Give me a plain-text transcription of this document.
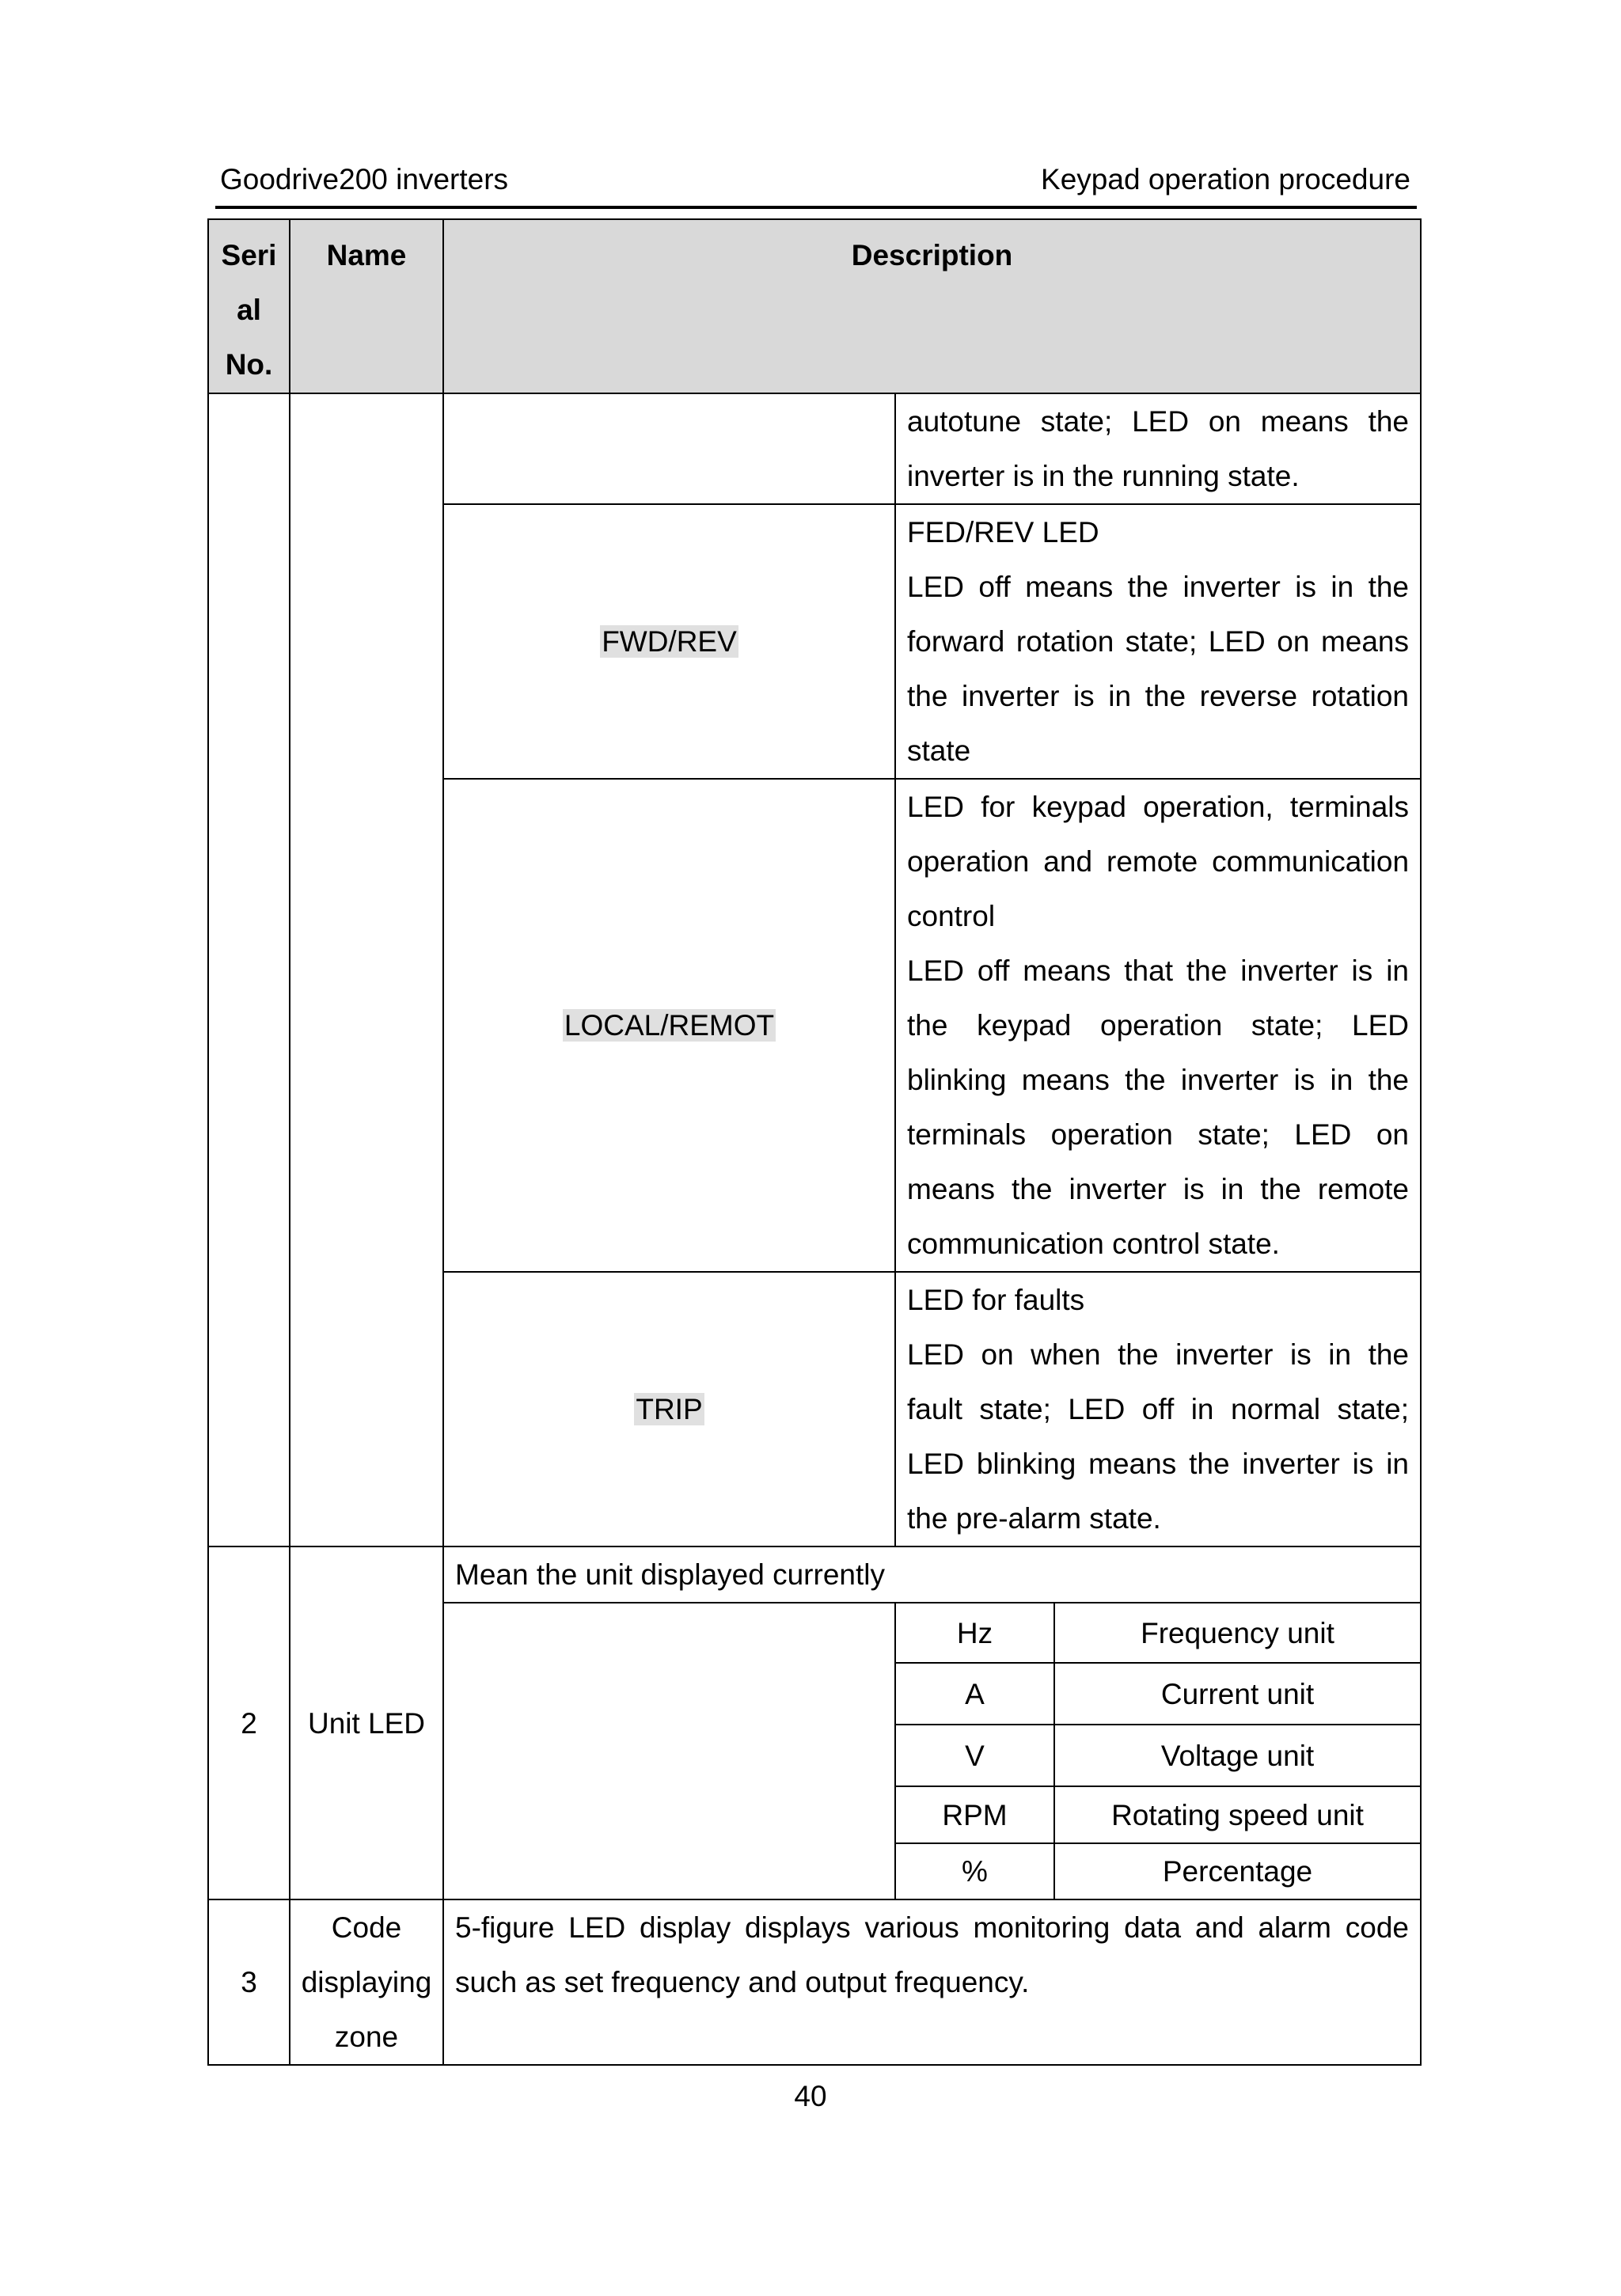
Goodrive200 inverters	Keypad operation procedure
Seri
al
No.	Name	Description		

			autotune state; LED on means the
inverter is in the running state.	

		FWD/REV	FED/REV LED
LED off means the inverter is in the forward rotation state; LED on means the inverter is in the reverse rotation state	

		LOCAL/REMOT	LED for keypad operation, terminals operation and remote communication control
LED off means that the inverter is in the keypad operation state; LED blinking means the inverter is in the terminals operation state; LED on means the inverter is in the remote communication control state.	

		TRIP	LED for faults
LED on when the inverter is in the fault state; LED off in normal state; LED blinking means the inverter is in the pre-alarm state.	

2	Unit LED	Mean the unit displayed currently		
			Hz	Frequency unit
			A	Current unit
			V	Voltage unit
			RPM	Rotating speed unit
			%	Percentage
3	Code displaying zone	5-figure LED display displays various monitoring data and alarm code such as set frequency and output frequency.		
40
